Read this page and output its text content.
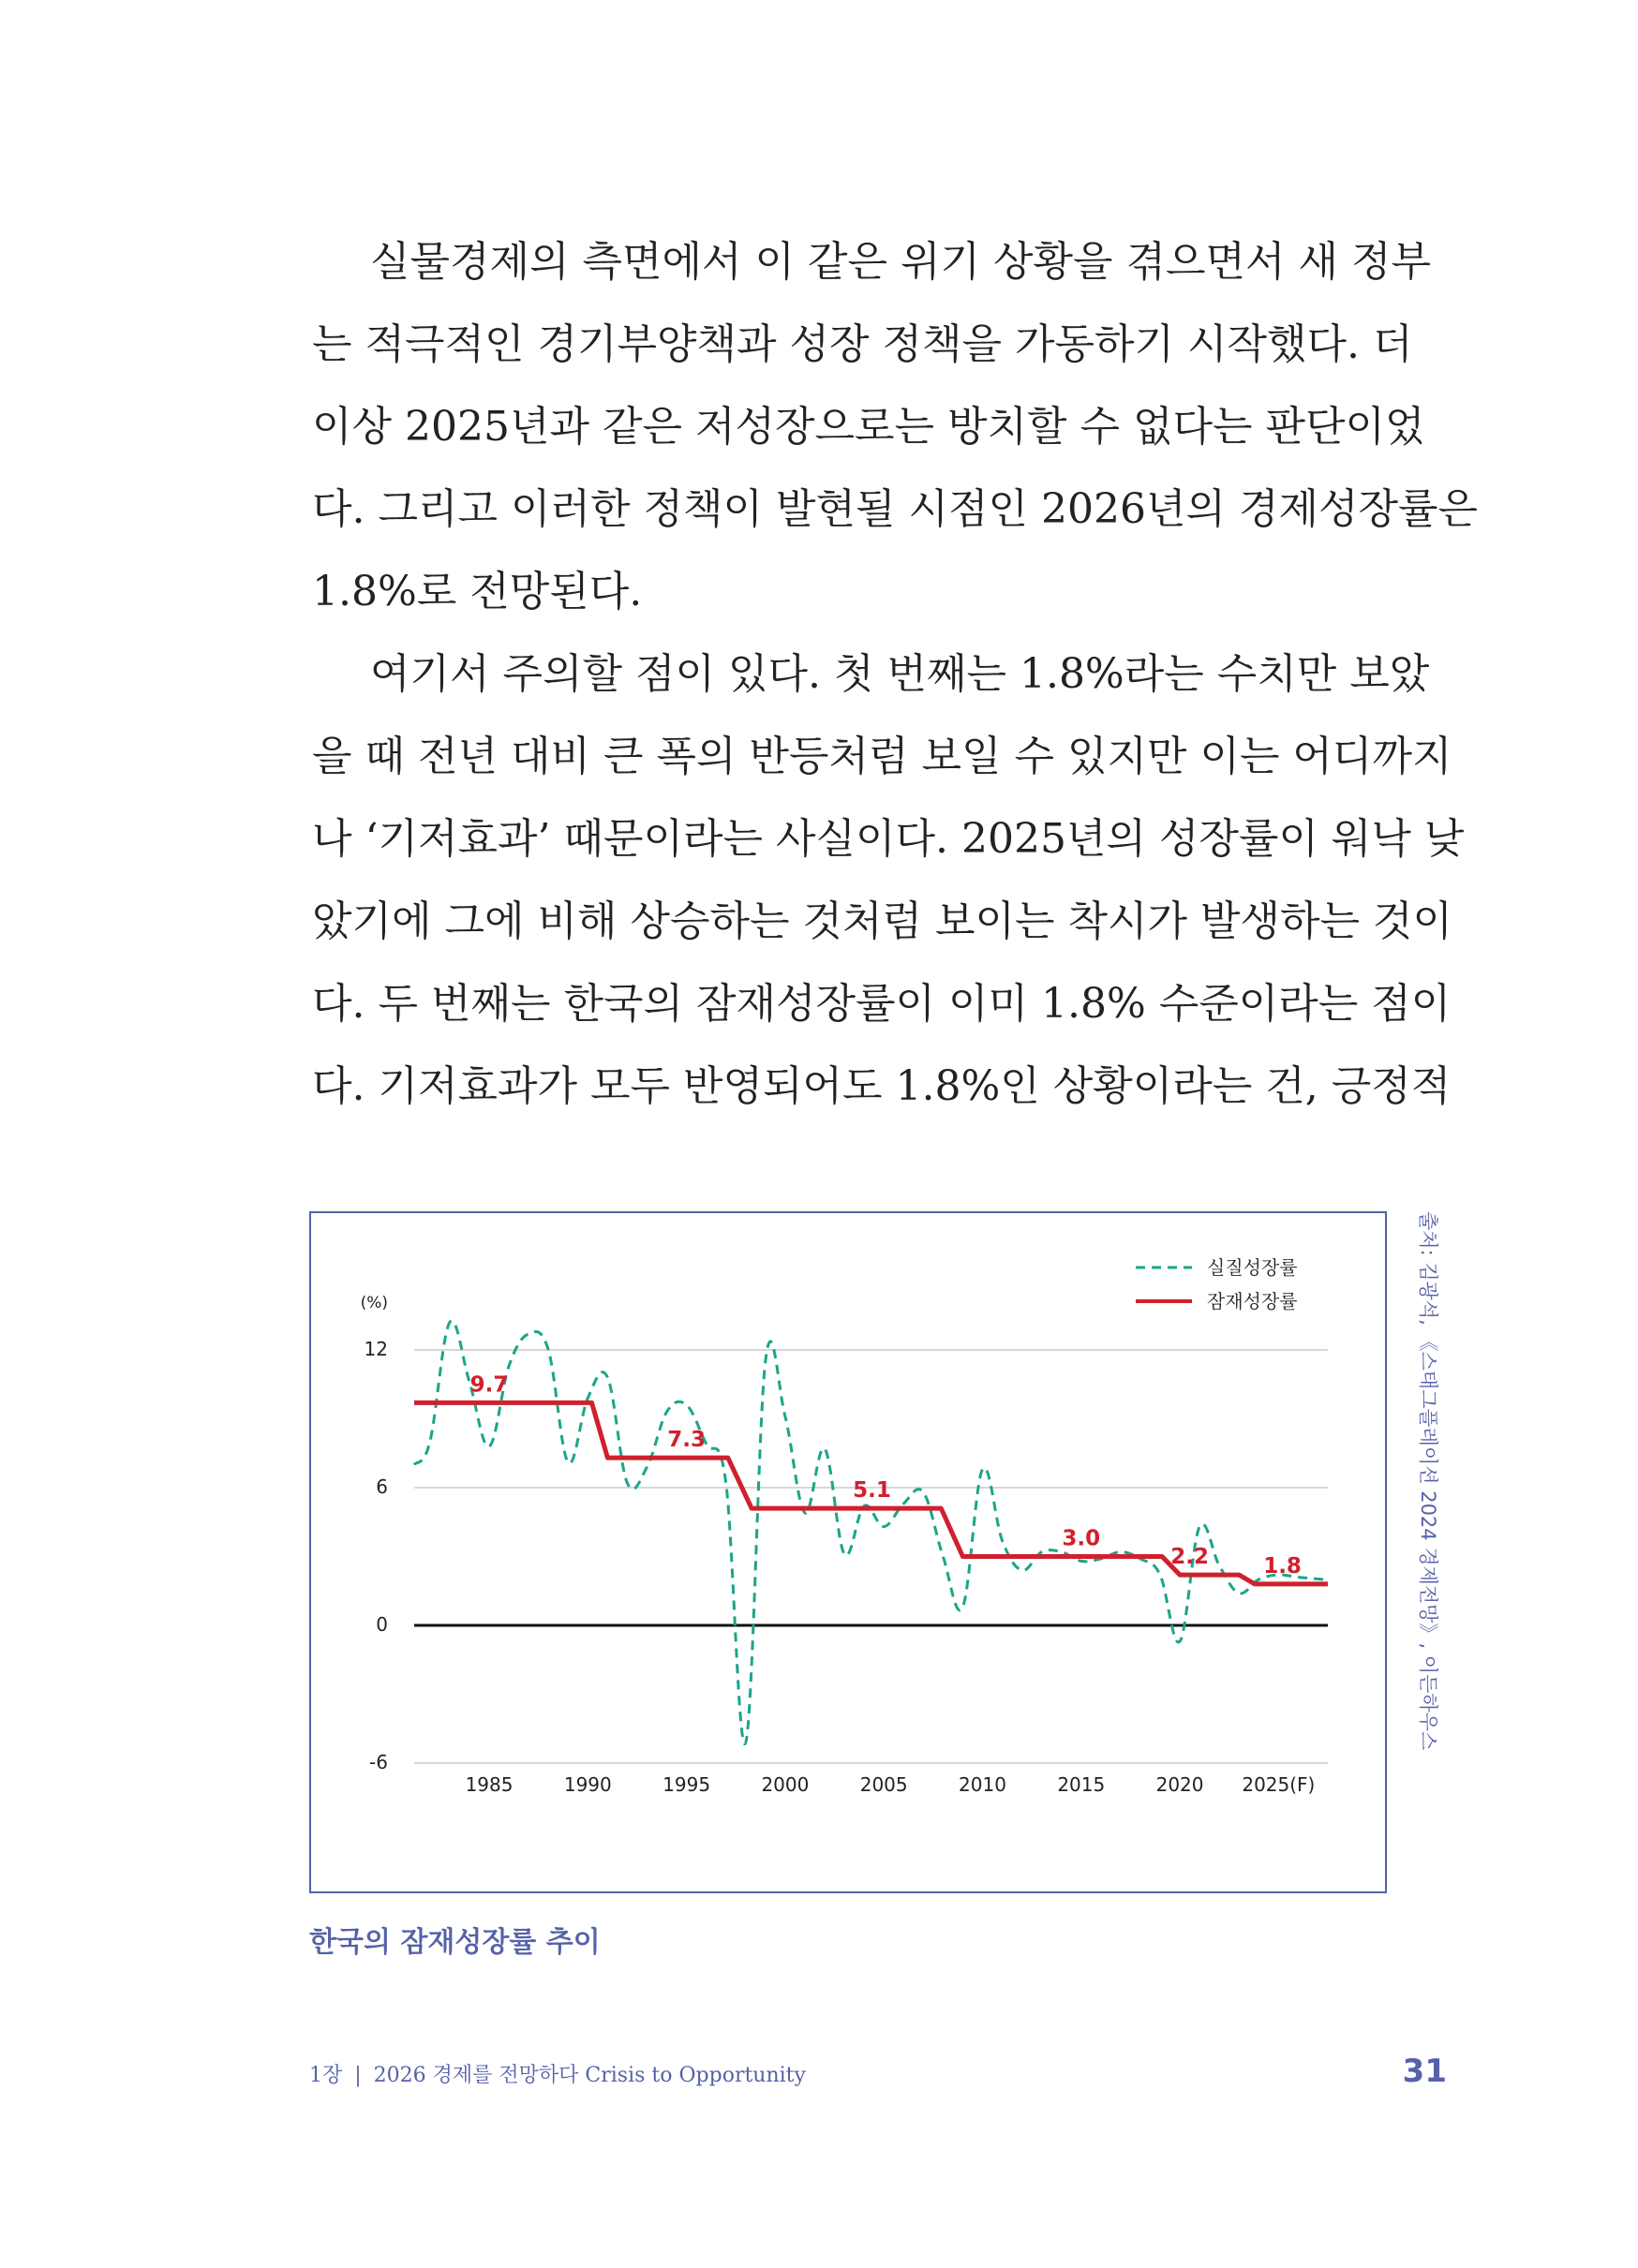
실물경제의 측면에서 이 같은 위기 상황을 겪으면서 새 정부
는 적극적인 경기부양책과 성장 정책을 가동하기 시작했다. 더
이상 2025년과 같은 저성장으로는 방치할 수 없다는 판단이었
다. 그리고 이러한 정책이 발현될 시점인 2026년의 경제성장률은
1.8%로 전망된다.
여기서 주의할 점이 있다. 첫 번째는 1.8%라는 수치만 보았
을 때 전년 대비 큰 폭의 반등처럼 보일 수 있지만 이는 어디까지
나 ‘기저효과’ 때문이라는 사실이다. 2025년의 성장률이 워낙 낮
았기에 그에 비해 상승하는 것처럼 보이는 착시가 발생하는 것이
다. 두 번째는 한국의 잠재성장률이 이미 1.8% 수준이라는 점이
다. 기저효과가 모두 반영되어도 1.8%인 상황이라는 건, 긍정적
12
6
0
-6
(%)
1985	1990	1995	2000	2005	2010	2015	2020 2025(F)
9.7
7.3
5.1
3.0
2.2	1.8
실질성장률
잠재성장률	출처: 김광석, 《스태그플레이션 2024 경제전망》, 이든하우스
한국의 잠재성장률 추이
1장 | 2026 경제를 전망하다 Crisis to Opportunity	31
